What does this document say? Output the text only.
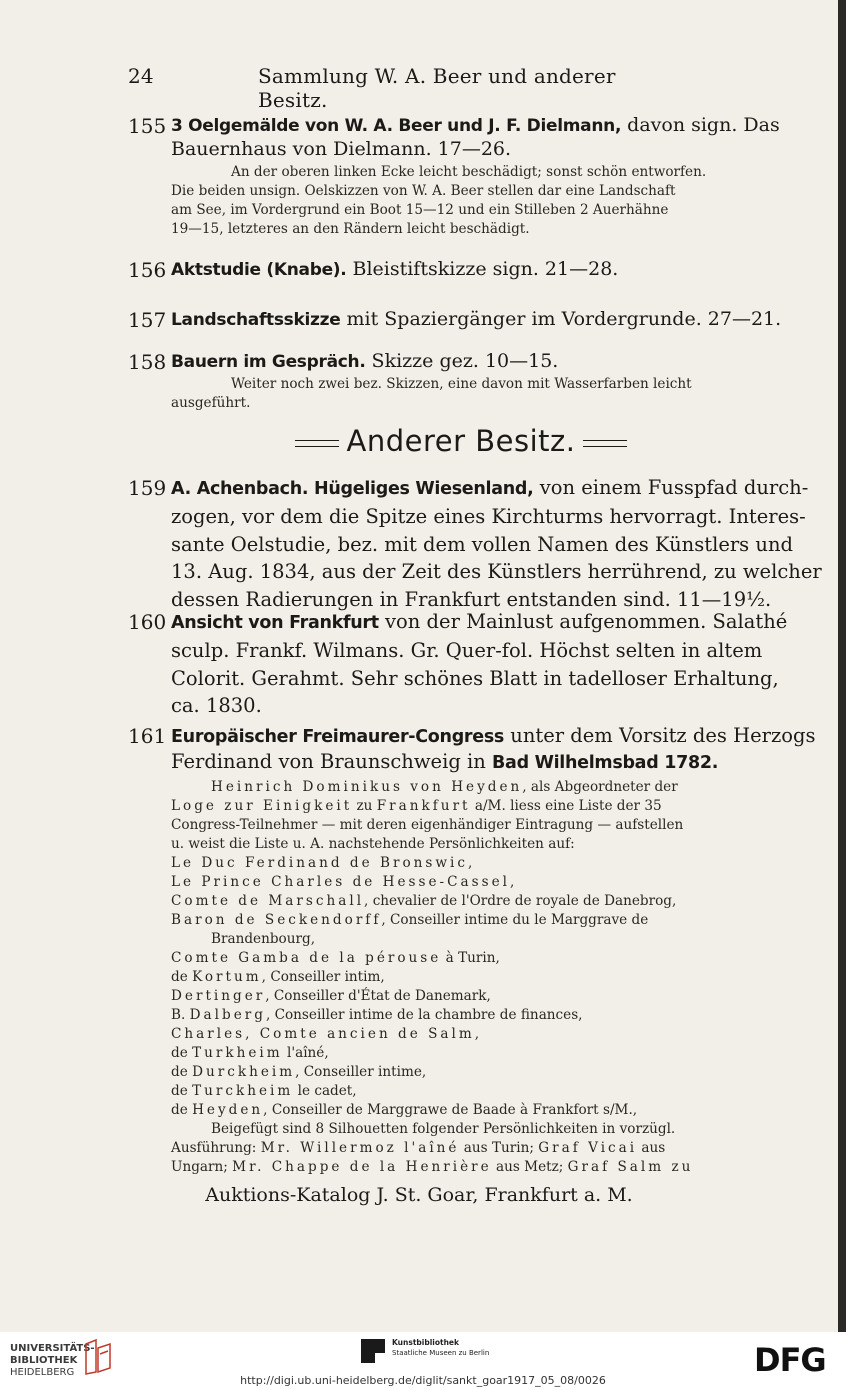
24	Sammlung W. A. Beer und anderer Besitz.
155 3 Oelgemälde von W. A. Beer und J. F. Dielmann, davon sign. Das
Bauernhaus von Dielmann. 17—26.
An der oberen linken Ecke leicht beschädigt; sonst schön entworfen.
Die beiden unsign. Oelskizzen von W. A. Beer stellen dar eine Landschaft
am See, im Vordergrund ein Boot 15—12 und ein Stilleben 2 Auerhähne
19—15, letzteres an den Rändern leicht beschädigt.
156 Aktstudie (Knabe). Bleistiftskizze sign. 21—28.
157 Landschaftsskizze mit Spaziergänger im Vordergrunde. 27—21.
158 Bauern im Gespräch. Skizze gez. 10—15.
Weiter noch zwei bez. Skizzen, eine davon mit Wasserfarben leicht
ausgeführt.
Anderer Besitz.
159 A. Achenbach. Hügeliges Wiesenland, von einem Fusspfad durch-
zogen, vor dem die Spitze eines Kirchturms hervorragt. Interes-
sante Oelstudie, bez. mit dem vollen Namen des Künstlers und
13. Aug. 1834, aus der Zeit des Künstlers herrührend, zu welcher
dessen Radierungen in Frankfurt entstanden sind. 11—19½.
160 Ansicht von Frankfurt von der Mainlust aufgenommen. Salathé
sculp. Frankf. Wilmans. Gr. Quer-fol. Höchst selten in altem
Colorit. Gerahmt. Sehr schönes Blatt in tadelloser Erhaltung,
ca. 1830.
161 Europäischer Freimaurer-Congress unter dem Vorsitz des Herzogs
Ferdinand von Braunschweig in Bad Wilhelmsbad 1782.
Heinrich Dominikus von Heyden, als Abgeordneter der
Loge zur Einigkeit zu Frankfurt a/M. liess eine Liste der 35
Congress-Teilnehmer — mit deren eigenhändiger Eintragung — aufstellen
u. weist die Liste u. A. nachstehende Persönlichkeiten auf:
Le Duc Ferdinand de Bronswic,
Le Prince Charles de Hesse-Cassel,
Comte de Marschall, chevalier de l'Ordre de royale de Danebrog,
Baron de Seckendorff, Conseiller intime du le Marggrave de
Brandenbourg,
Comte Gamba de la pérouse à Turin,
de Kortum, Conseiller intim,
Dertinger, Conseiller d'État de Danemark,
B. Dalberg, Conseiller intime de la chambre de finances,
Charles, Comte ancien de Salm,
de Turkheim l'aîné,
de Durckheim, Conseiller intime,
de Turckheim le cadet,
de Heyden, Conseiller de Marggrawe de Baade à Frankfort s/M.,
Beigefügt sind 8 Silhouetten folgender Persönlichkeiten in vorzügl.
Ausführung: Mr. Willermoz l'aîné aus Turin; Graf Vicai aus
Ungarn; Mr. Chappe de la Henrière aus Metz; Graf Salm zu
Auktions-Katalog J. St. Goar, Frankfurt a. M.
UNIVERSITÄTS-
BIBLIOTHEK
HEIDELBERG
Kunstbibliothek
Staatliche Museen zu Berlin	DFG
http://digi.ub.uni-heidelberg.de/diglit/sankt_goar1917_05_08/0026
